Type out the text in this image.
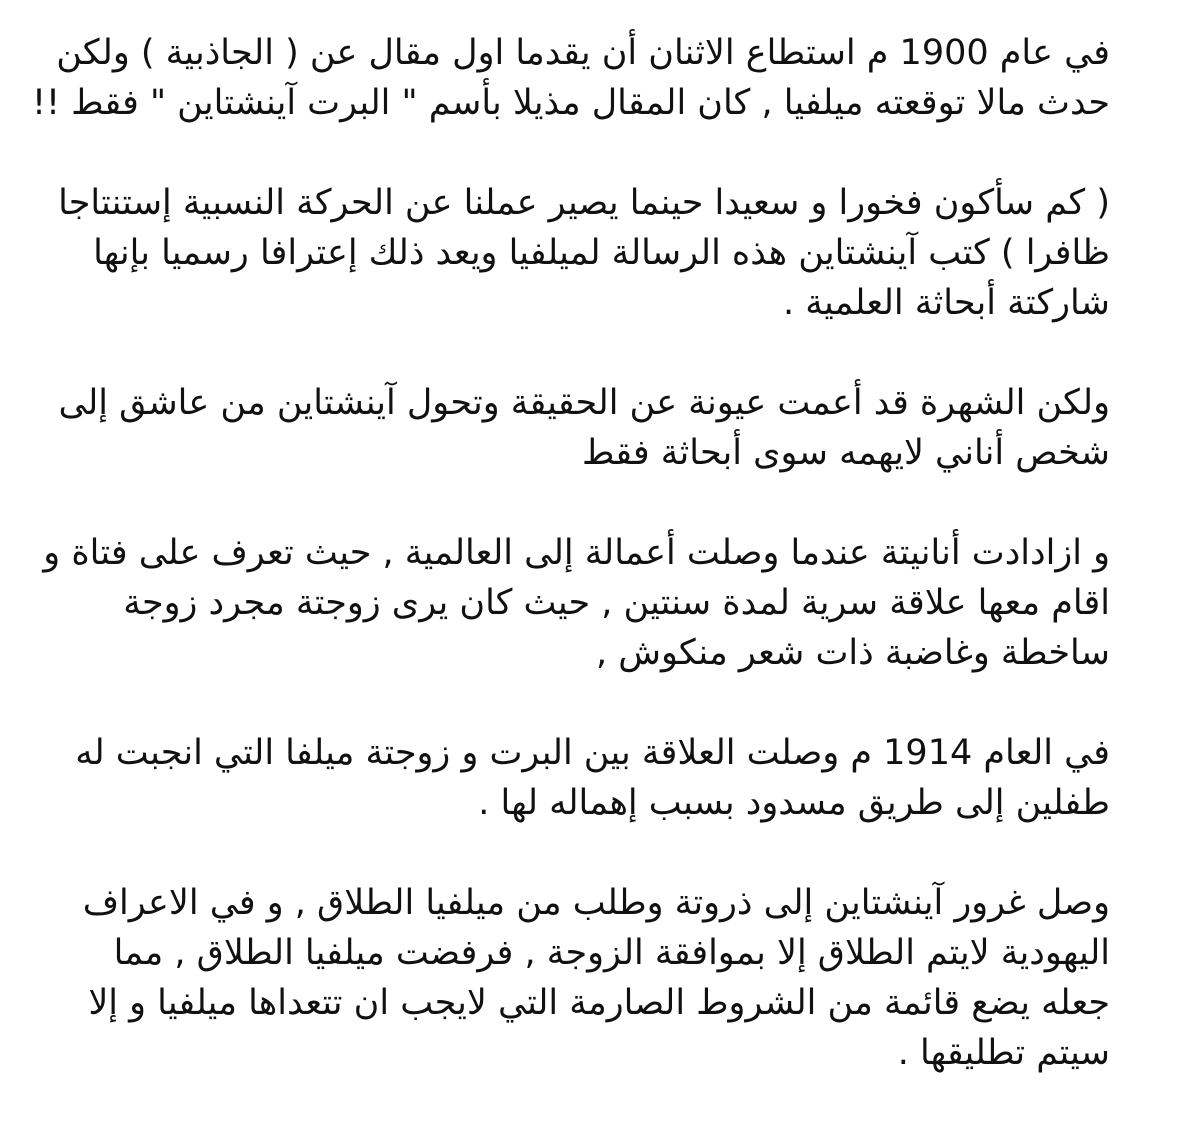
في عام 1900 م استطاع الاثنان أن يقدما اول مقال عن ( الجاذبية ) ولكن
حدث مالا توقعته ميلفيا , كان المقال مذيلا بأسم " البرت آينشتاين " فقط !!

( كم سأكون فخورا و سعيدا حينما يصير عملنا عن الحركة النسبية إستنتاجا
ظافرا ) كتب آينشتاين هذه الرسالة لميلفيا ويعد ذلك إعترافا رسميا بإنها
شاركتة أبحاثة العلمية .

ولكن الشهرة قد أعمت عيونة عن الحقيقة وتحول آينشتاين من عاشق إلى
شخص أناني لايهمه سوى أبحاثة فقط

و ازادادت أنانيتة عندما وصلت أعمالة إلى العالمية , حيث تعرف على فتاة و
اقام معها علاقة سرية لمدة سنتين , حيث كان يرى زوجتة مجرد زوجة
ساخطة وغاضبة ذات شعر منكوش ,

في العام 1914 م وصلت العلاقة بين البرت و زوجتة ميلفا التي انجبت له
طفلين إلى طريق مسدود بسبب إهماله لها .

وصل غرور آينشتاين إلى ذروتة وطلب من ميلفيا الطلاق , و في الاعراف
اليهودية لايتم الطلاق إلا بموافقة الزوجة , فرفضت ميلفيا الطلاق , مما
جعله يضع قائمة من الشروط الصارمة التي لايجب ان تتعداها ميلفيا و إلا
سيتم تطليقها .
